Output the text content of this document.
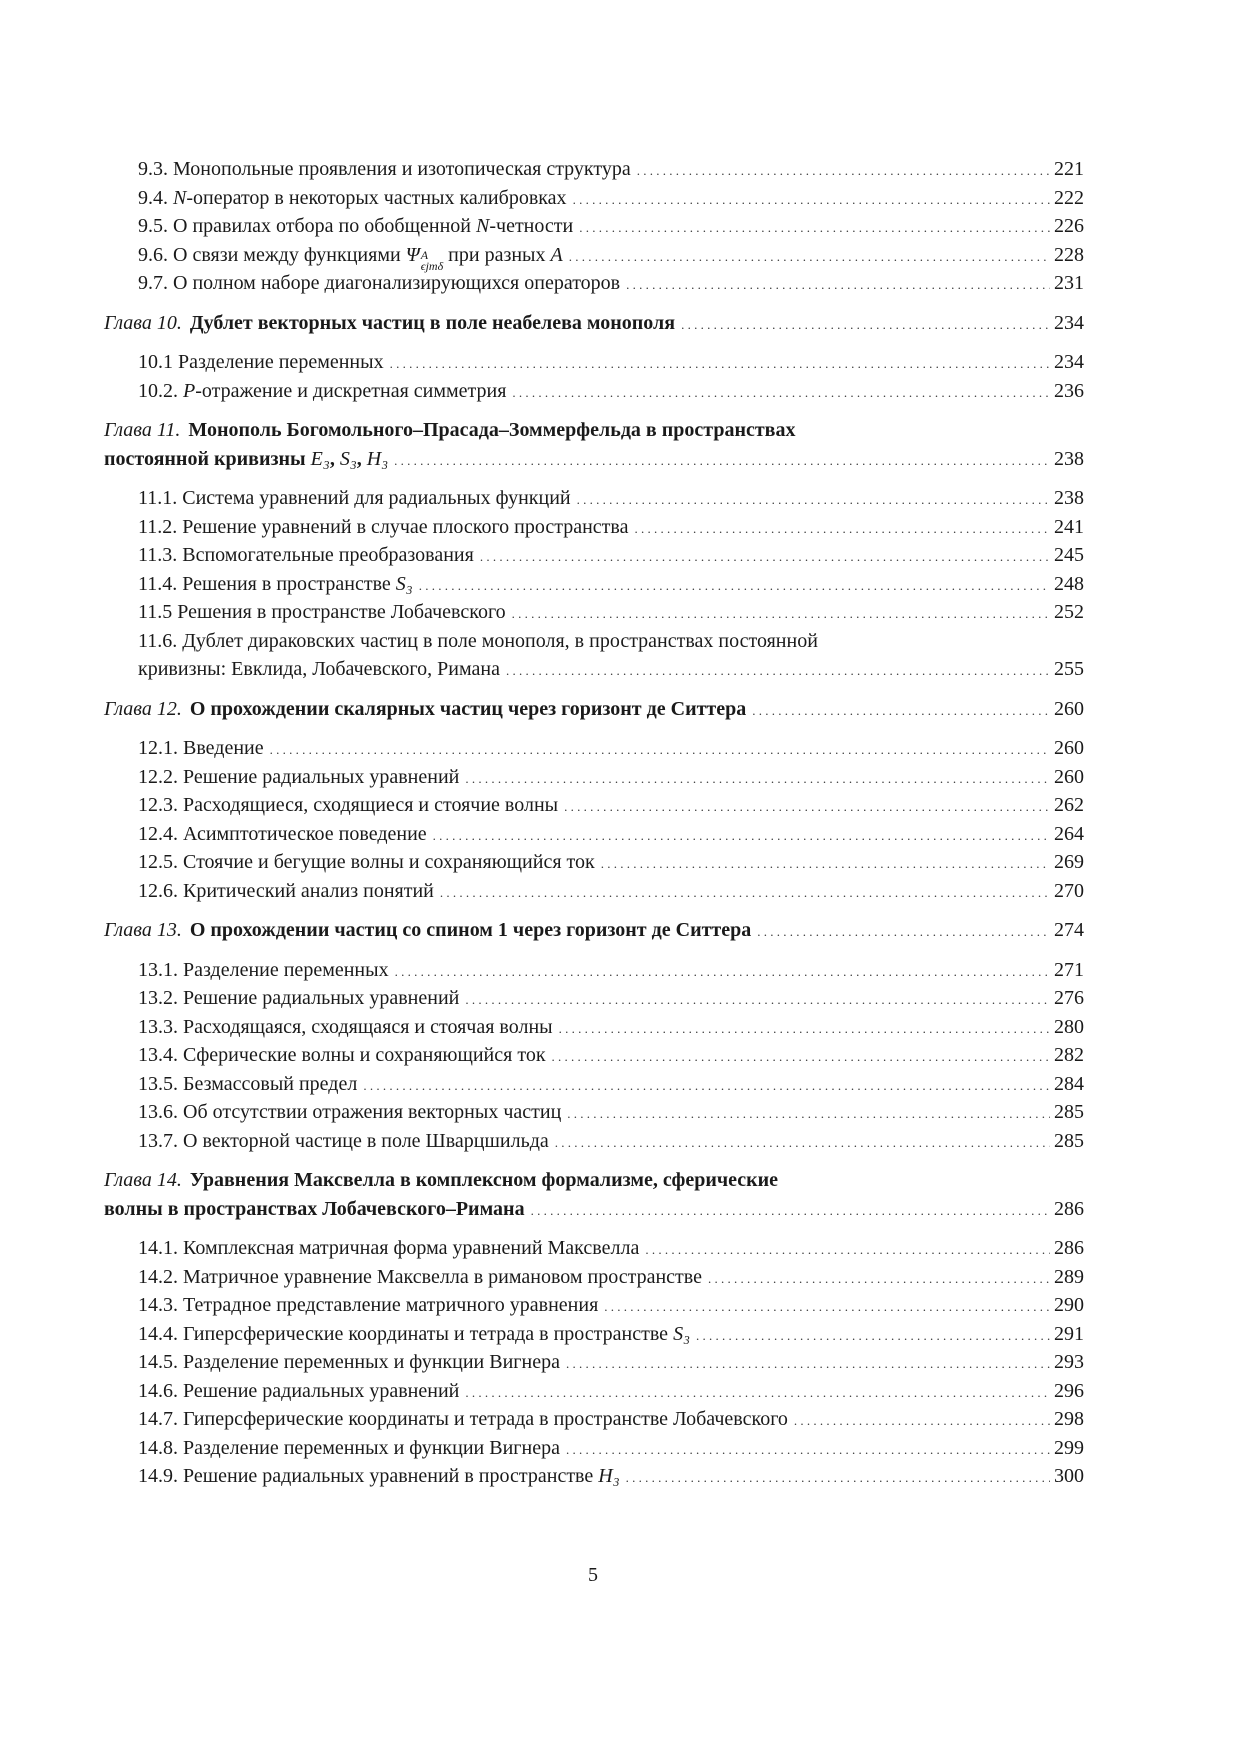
9.3. Монопольные проявления и изотопическая структура . . .	221
9.4. N-оператор в некоторых частных калибровках . . .	222
9.5. О правилах отбора по обобщенной N-четности . . .	226
9.6. О связи между функциями Ψ A
ϵjmδ при разных A . . .	228
9.7. О полном наборе диагонализирующихся операторов . . .	231
Глава 10. Дублет векторных частиц в поле неабелева монополя . . .	234
10.1 Разделение переменных . . .	234
10.2. P-отражение и дискретная симметрия . . .	236
Глава 11. Монополь Богомольного–Прасада–Зоммерфельда в пространствах
постоянной кривизны E₃, S₃, H₃ . . .	238
11.1. Система уравнений для радиальных функций . . .	238
11.2. Решение уравнений в случае плоского пространства . . .	241
11.3. Вспомогательные преобразования . . .	245
11.4. Решения в пространстве S₃ . . .	248
11.5 Решения в пространстве Лобачевского . . .	252
11.6. Дублет дираковских частиц в поле монополя, в пространствах постоянной
кривизны: Евклида, Лобачевского, Римана . . .	255
Глава 12. О прохождении скалярных частиц через горизонт де Ситтера . . .	260
12.1. Введение . . .	260
12.2. Решение радиальных уравнений . . .	260
12.3. Расходящиеся, сходящиеся и стоячие волны . . .	262
12.4. Асимптотическое поведение . . .	264
12.5. Стоячие и бегущие волны и сохраняющийся ток . . .	269
12.6. Критический анализ понятий . . .	270
Глава 13. О прохождении частиц со спином 1 через горизонт де Ситтера . . .	274
13.1. Разделение переменных . . .	271
13.2. Решение радиальных уравнений . . .	276
13.3. Расходящаяся, сходящаяся и стоячая волны . . .	280
13.4. Сферические волны и сохраняющийся ток . . .	282
13.5. Безмассовый предел . . .	284
13.6. Об отсутствии отражения векторных частиц . . .	285
13.7. О векторной частице в поле Шварцшильда . . .	285
Глава 14. Уравнения Максвелла в комплексном формализме, сферические
волны в пространствах Лобачевского–Римана . . .	286
14.1. Комплексная матричная форма уравнений Максвелла . . .	286
14.2. Матричное уравнение Максвелла в римановом пространстве . . .	289
14.3. Тетрадное представление матричного уравнения . . .	290
14.4. Гиперсферические координаты и тетрада в пространстве S₃ . . .	291
14.5. Разделение переменных и функции Вигнера . . .	293
14.6. Решение радиальных уравнений . . .	296
14.7. Гиперсферические координаты и тетрада в пространстве Лобачевского . . .	298
14.8. Разделение переменных и функции Вигнера . . .	299
14.9. Решение радиальных уравнений в пространстве H₃ . . .	300
5
